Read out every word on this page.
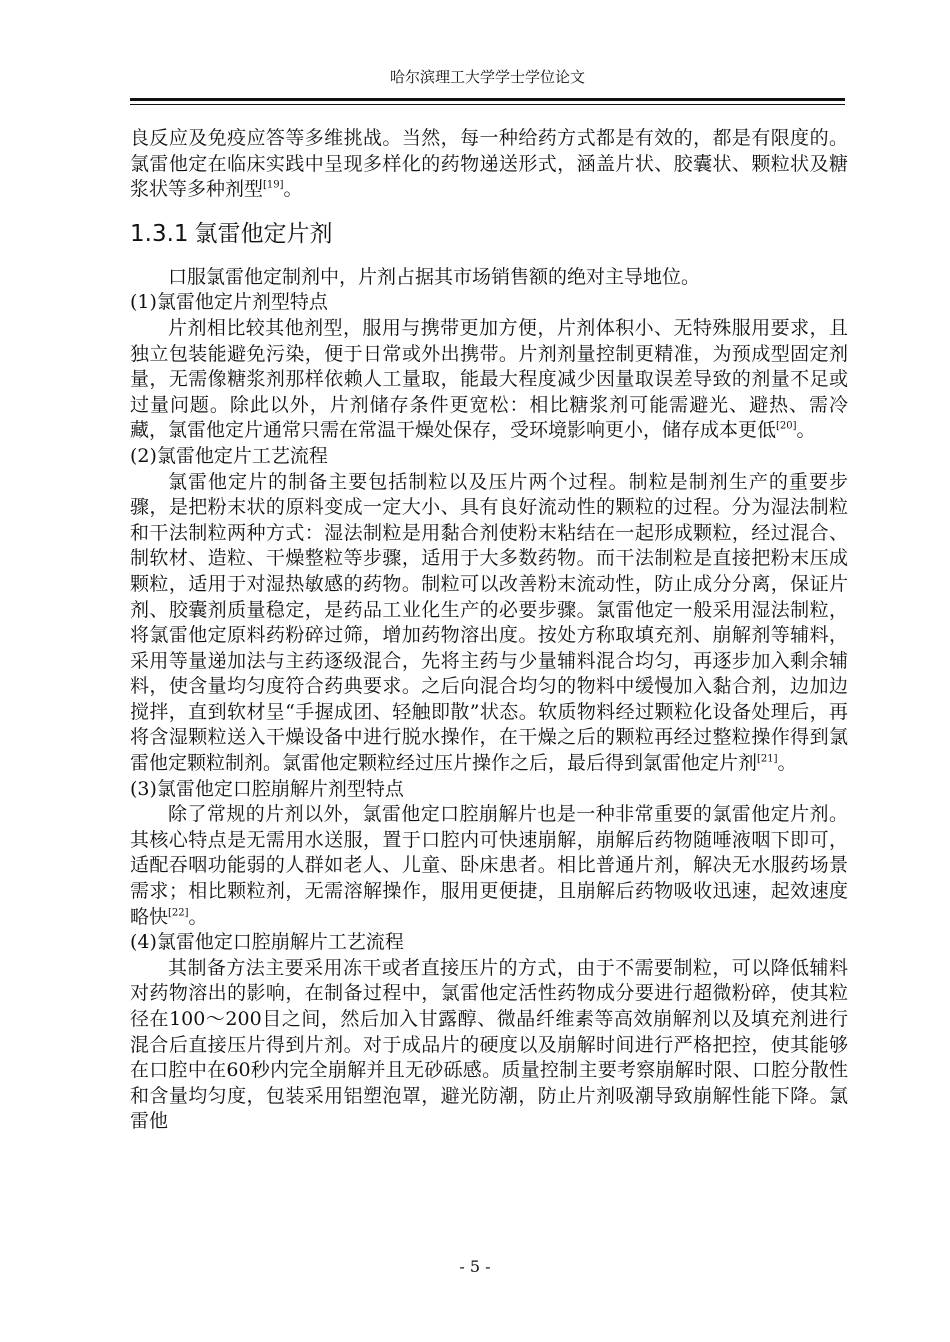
哈尔滨理工大学学士学位论文

良反应及免疫应答等多维挑战。当然，每一种给药方式都是有效的，都是有限度的。氯雷他定在临床实践中呈现多样化的药物递送形式，涵盖片状、胶囊状、颗粒状及糖浆状等多种剂型[19]。

1.3.1 氯雷他定片剂

口服氯雷他定制剂中，片剂占据其市场销售额的绝对主导地位。

(1)氯雷他定片剂型特点

片剂相比较其他剂型，服用与携带更加方便，片剂体积小、无特殊服用要求，且独立包装能避免污染，便于日常或外出携带。片剂剂量控制更精准，为预成型固定剂量，无需像糖浆剂那样依赖人工量取，能最大程度减少因量取误差导致的剂量不足或过量问题。除此以外，片剂储存条件更宽松：相比糖浆剂可能需避光、避热、需冷藏，氯雷他定片通常只需在常温干燥处保存，受环境影响更小，储存成本更低[20]。

(2)氯雷他定片工艺流程

氯雷他定片的制备主要包括制粒以及压片两个过程。制粒是制剂生产的重要步骤，是把粉末状的原料变成一定大小、具有良好流动性的颗粒的过程。分为湿法制粒和干法制粒两种方式：湿法制粒是用黏合剂使粉末粘结在一起形成颗粒，经过混合、制软材、造粒、干燥整粒等步骤，适用于大多数药物。而干法制粒是直接把粉末压成颗粒，适用于对湿热敏感的药物。制粒可以改善粉末流动性，防止成分分离，保证片剂、胶囊剂质量稳定，是药品工业化生产的必要步骤。氯雷他定一般采用湿法制粒，将氯雷他定原料药粉碎过筛，增加药物溶出度。按处方称取填充剂、崩解剂等辅料，采用等量递加法与主药逐级混合，先将主药与少量辅料混合均匀，再逐步加入剩余辅料，使含量均匀度符合药典要求。之后向混合均匀的物料中缓慢加入黏合剂，边加边搅拌，直到软材呈“手握成团、轻触即散”状态。软质物料经过颗粒化设备处理后，再将含湿颗粒送入干燥设备中进行脱水操作，在干燥之后的颗粒再经过整粒操作得到氯雷他定颗粒制剂。氯雷他定颗粒经过压片操作之后，最后得到氯雷他定片剂[21]。

(3)氯雷他定口腔崩解片剂型特点

除了常规的片剂以外，氯雷他定口腔崩解片也是一种非常重要的氯雷他定片剂。其核心特点是无需用水送服，置于口腔内可快速崩解，崩解后药物随唾液咽下即可，适配吞咽功能弱的人群如老人、儿童、卧床患者。相比普通片剂，解决无水服药场景需求；相比颗粒剂，无需溶解操作，服用更便捷，且崩解后药物吸收迅速，起效速度略快[22]。

(4)氯雷他定口腔崩解片工艺流程

其制备方法主要采用冻干或者直接压片的方式，由于不需要制粒，可以降低辅料对药物溶出的影响，在制备过程中，氯雷他定活性药物成分要进行超微粉碎，使其粒径在100～200目之间，然后加入甘露醇、微晶纤维素等高效崩解剂以及填充剂进行混合后直接压片得到片剂。对于成品片的硬度以及崩解时间进行严格把控，使其能够在口腔中在60秒内完全崩解并且无砂砾感。质量控制主要考察崩解时限、口腔分散性和含量均匀度，包装采用铝塑泡罩，避光防潮，防止片剂吸潮导致崩解性能下降。氯雷他

- 5 -
